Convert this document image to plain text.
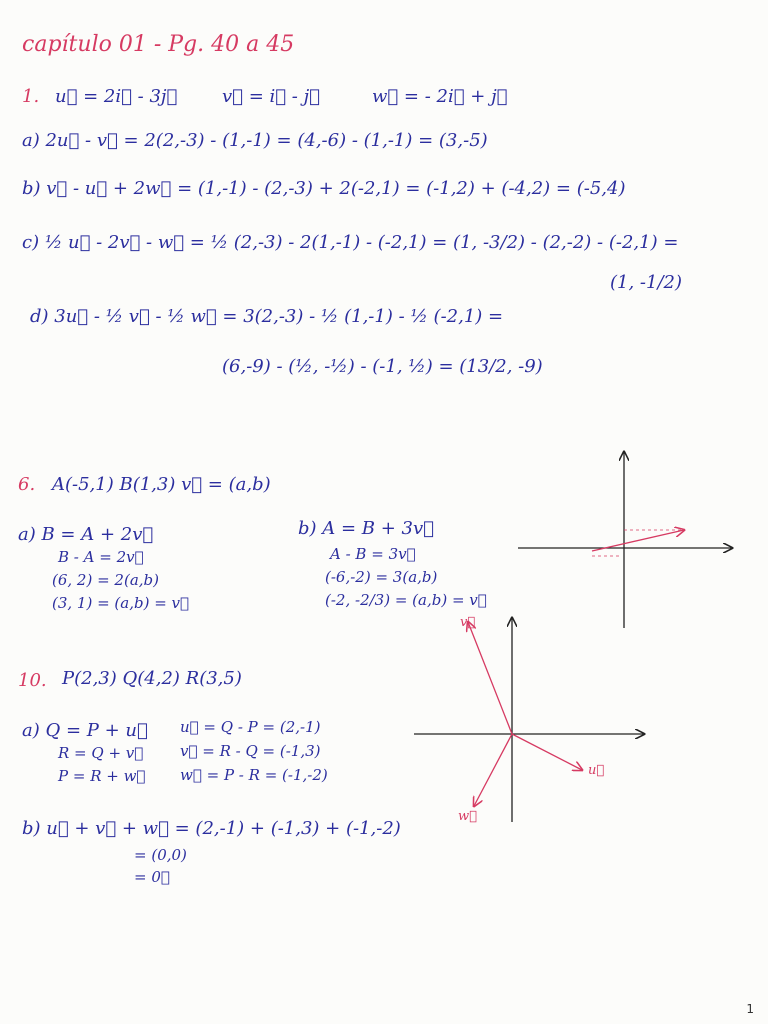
capítulo 01 - Pg. 40 a 45
1. u⃗ = 2i⃗ - 3j⃗ v⃗ = i⃗ - j⃗	w⃗ = - 2i⃗ + j⃗
a) 2u⃗ - v⃗ = 2(2,-3) - (1,-1) = (4,-6) - (1,-1) = (3,-5)
b) v⃗ - u⃗ + 2w⃗ = (1,-1) - (2,-3) + 2(-2,1) = (-1,2) + (-4,2) = (-5,4)
c) ½ u⃗ - 2v⃗ - w⃗ = ½ (2,-3) - 2(1,-1) - (-2,1) = (1, -3/2) - (2,-2) - (-2,1) =
(1, -1/2)
d) 3u⃗ - ½ v⃗ - ½ w⃗ = 3(2,-3) - ½ (1,-1) - ½ (-2,1) =
(6,-9) - (½, -½) - (-1, ½) = (13/2, -9)
6. A(-5,1) B(1,3) v⃗ = (a,b)
a) B = A + 2v⃗
B - A = 2v⃗
(6, 2) = 2(a,b)
(3, 1) = (a,b) = v⃗
b) A = B + 3v⃗
A - B = 3v⃗
(-6,-2) = 3(a,b)
(-2, -2/3) = (a,b) = v⃗
10. P(2,3) Q(4,2) R(3,5)
a) Q = P + u⃗
R = Q + v⃗
P = R + w⃗
u⃗ = Q - P = (2,-1)
v⃗ = R - Q = (-1,3)
w⃗ = P - R = (-1,-2)
b) u⃗ + v⃗ + w⃗ = (2,-1) + (-1,3) + (-1,-2)
= (0,0)
= 0⃗
u⃗
v⃗
w⃗
1
